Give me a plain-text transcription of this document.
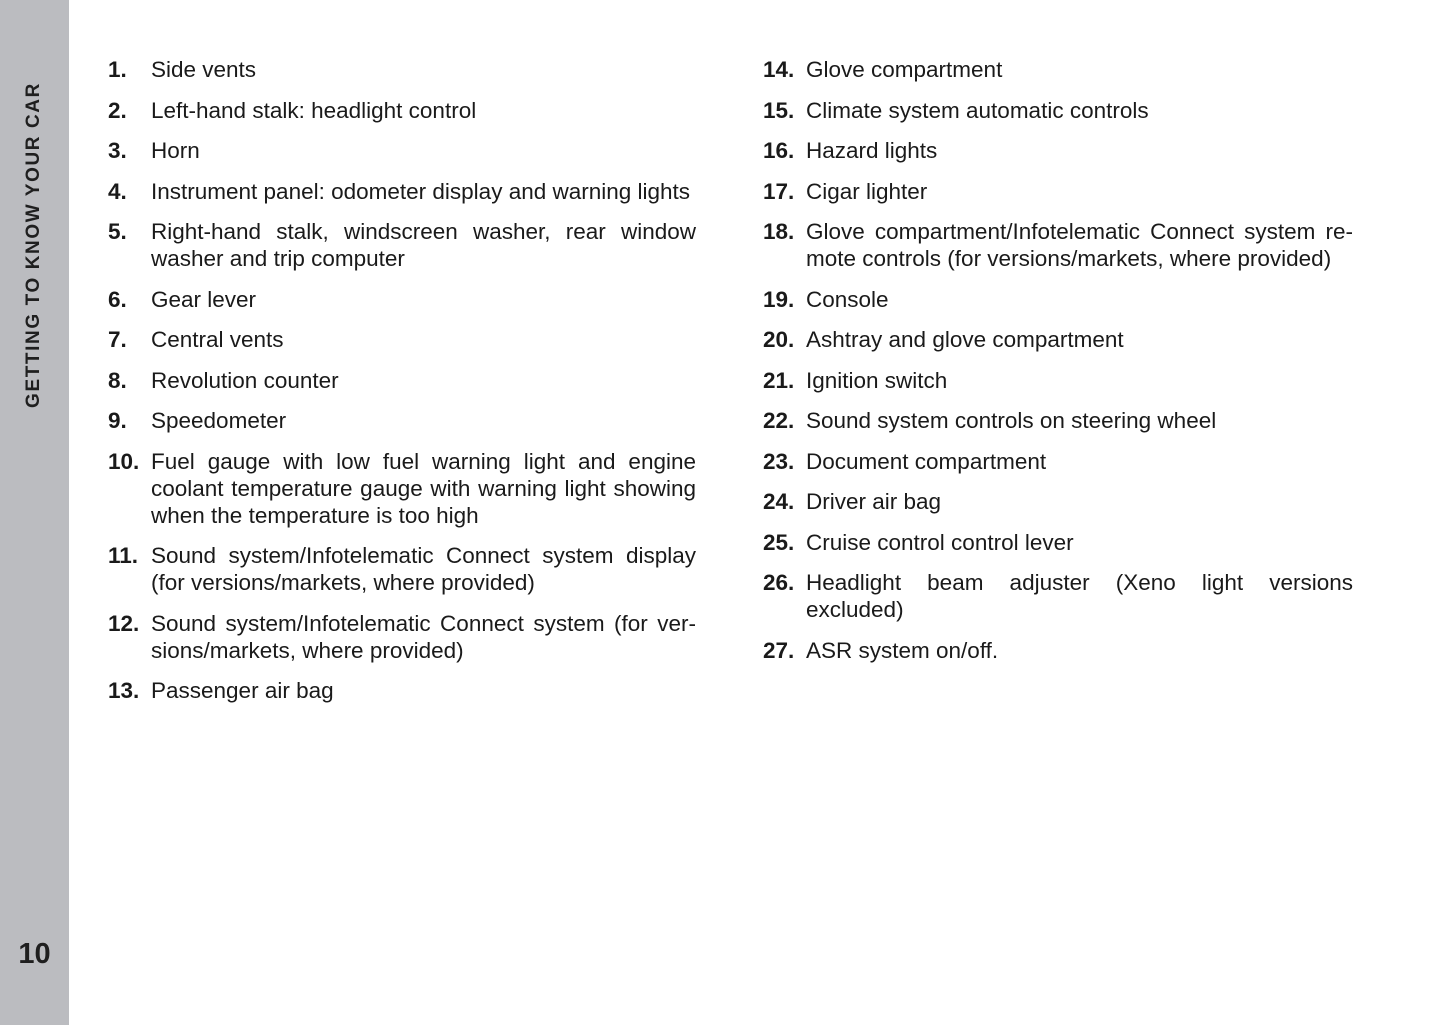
GETTING TO KNOW YOUR CAR
10
1.	Side vents
2.	Left-hand stalk: headlight control
3.	Horn
4.	Instrument panel: odometer display and warning lights
5.	Right-hand stalk, windscreen washer, rear window washer and trip computer
6.	Gear lever
7.	Central vents
8.	Revolution counter
9.	Speedometer
10. Fuel gauge with low fuel warning light and engine coolant temperature gauge with warning light showing when the temperature is too high
11. Sound system/Infotelematic Connect system display (for versions/markets, where provided)
12. Sound system/Infotelematic Connect system (for ver-sions/markets, where provided)
13. Passenger air bag
14. Glove compartment
15. Climate system automatic controls
16. Hazard lights
17. Cigar lighter
18. Glove compartment/Infotelematic Connect system re-mote controls (for versions/markets, where provided)
19. Console
20. Ashtray and glove compartment
21. Ignition switch
22. Sound system controls on steering wheel
23. Document compartment
24. Driver air bag
25. Cruise control control lever
26. Headlight beam adjuster (Xeno light versions excluded)
27. ASR system on/off.
